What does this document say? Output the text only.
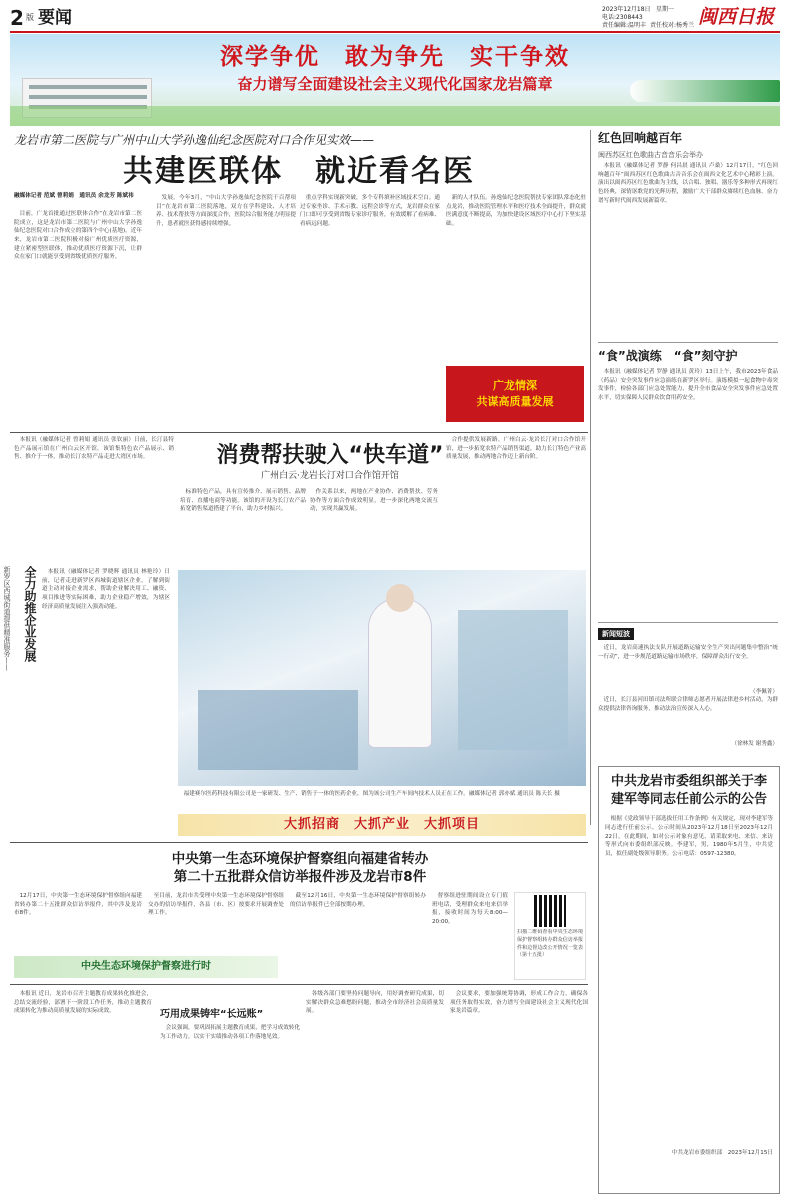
2 版 要闻	2023年12月18日 星期一
电话:2308443
责任编辑:温明丰 责任校对:杨秀兰 闽西日报
深学争优　敢为争先　实干争效
奋力谱写全面建设社会主义现代化国家龙岩篇章
龙岩市第二医院与广州中山大学孙逸仙纪念医院对口合作见实效——
共建医联体　就近看名医
融媒体记者 范斌 曾莉娟　通讯员 余龙芳 陈斌祎

目前，广龙首批通过医联体合作“在龙岩市第二医院成立，这是龙岩市第二医院与广州中山大学孙逸仙纪念医院对口合作成立的第四个中心(基地)。近年来，龙岩市第二医院积极对接广州优质医疗资源，建立紧密型医联体，推动优质医疗资源下沉，让群众在家门口就能享受到省级优质医疗服务。

发展。今年3月，“中山大学孙逸仙纪念医院千百帮项目”在龙岩市第二医院落地，双方在学科建设、人才培养、技术帮扶等方面深度合作，医院综合服务能力明显提升，患者就医获得感持续增强。

重点学科实现新突破，多个专科填补区域技术空白。通过专家坐诊、手术示教、远程会诊等方式，龙岩群众在家门口即可享受到省级专家诊疗服务，有效缓解了看病难、看病远问题。

新的人才队伍。孙逸仙纪念医院帮扶专家团队常态化驻点龙岩，推动医院管理水平和医疗技术全面提升，群众就医满意度不断提高，为加快建设区域医疗中心打下坚实基础。

广龙情深
共谋高质量发展
红色回响越百年
闽西苏区红色歌曲古音音乐会举办

本报讯（融媒体记者 罗静 何昌晨 通讯员 卢桑）12月17日，“红色回响越百年”闽西苏区红色歌曲古音音乐会在闽西文化艺术中心精彩上演。演出以闽西苏区红色歌曲为主线，以合唱、独唱、器乐等多种形式再现红色经典，深情讴歌党的光辉历程，激励广大干部群众赓续红色血脉，奋力谱写新时代闽西发展新篇章。

“食”战演练　“食”刻守护

本报讯（融媒体记者 罗静 通讯员 黄玲）13日上午，我市2023年食品（药品）安全突发事件应急演练在新罗区举行。演练模拟一起食物中毒突发事件，检验各部门应急处置能力，提升全市食品安全突发事件应急处置水平，切实保障人民群众饮食用药安全。

新闻短波

近日，龙岩高速执法支队开展道路运输安全生产突出问题集中整治“统一行动”，进一步规范道路运输市场秩序，保障群众出行安全。

（李佩菁）

近日，长汀县河田镇司法所联合律师志愿者开展法律进乡村活动，为群众提供法律咨询服务，推动法治宣传深入人心。

（徐林发 谢秀鑫）
消费帮扶驶入“快车道”
广州白云·龙岩长汀对口合作馆开馆

本报讯（融媒体记者 曾莉娟 通讯员 张钦丽）日前，长汀县特色产品展示馆在广州白云区开馆。该馆集特色农产品展示、销售、推介于一体，推动长汀农特产品走进大湾区市场。

标准特色产品，具有宣传推介、展示销售、品牌培育、直播电商等功能。该馆的开设为长汀农产品拓宽销售渠道搭建了平台，助力乡村振兴。

作关系以来，两地在产业协作、消费帮扶、劳务协作等方面合作成效明显，进一步深化两地交流互动，实现共赢发展。

合作提供发展新路。广州白云·龙岩长汀对口合作馆开馆，进一步拓宽农特产品销售渠道，助力长汀特色产业高质量发展，推动两地合作迈上新台阶。

全力助推企业发展
新罗区西城街道提供精准服务——	本报讯（融媒体记者 罗晓辉 通讯员 林艳玲）日前，记者走进新罗区西城街道辖区企业，了解到街道主动对接企业需求，帮助企业解决用工、融资、项目推进等实际困难，助力企业稳产增效，为辖区经济高质量发展注入强劲动能。

福建赛尔医药科技有限公司是一家研发、生产、销售于一体的医药企业，图为该公司生产车间内技术人员正在工作。融媒体记者 郭亦斌 通讯员 陈天长 摄

大抓招商　大抓产业　大抓项目
中央第一生态环境保护督察组向福建省转办
第二十五批群众信访举报件涉及龙岩市8件

12月17日，中央第一生态环境保护督察组向福建省转办第二十五批群众信访举报件，其中涉及龙岩市8件。

至目前，龙岩市共受理中央第一生态环境保护督察组交办的信访举报件，各县（市、区）按要求开展调查处理工作。

截至12月16日，中央第一生态环境保护督察组转办的信访举报件已全部按期办理。

督察组进驻期间设立专门值班电话，受理群众来电来信举报，接收时间为每天8:00—20:00。

扫描二维码查看中央生态环境保护督察组转办群众信访举报件和边督边改公开情况一览表（第十五批）
中央生态环境保护督察进行时
中共龙岩市委组织部关于李建军等同志任前公示的公告

根据《党政领导干部选拔任用工作条例》有关规定，现对李建军等同志进行任前公示。公示时间从2023年12月18日至2023年12月22日。在此期间，如对公示对象有意见，请采取来电、来信、来访等形式向市委组织部反映。李建军，男，1980年5月生，中共党员，拟任副处级领导职务。公示电话：0597-12380。

中共龙岩市委组织部　2023年12月15日
巧用成果铸牢“长远账”

本报讯 近日，龙岩市召开主题教育成果转化推进会，总结交流经验，部署下一阶段工作任务，推动主题教育成果转化为推动高质量发展的实际成效。

会议强调，要巩固拓展主题教育成果，把学习成效转化为工作动力，以实干实绩推动各项工作落地见效。

各级各部门要坚持问题导向，用好调查研究成果，切实解决群众急难愁盼问题，推动全市经济社会高质量发展。

会议要求，要加强统筹协调，形成工作合力，确保各项任务取得实效，奋力谱写全面建设社会主义现代化国家龙岩篇章。
